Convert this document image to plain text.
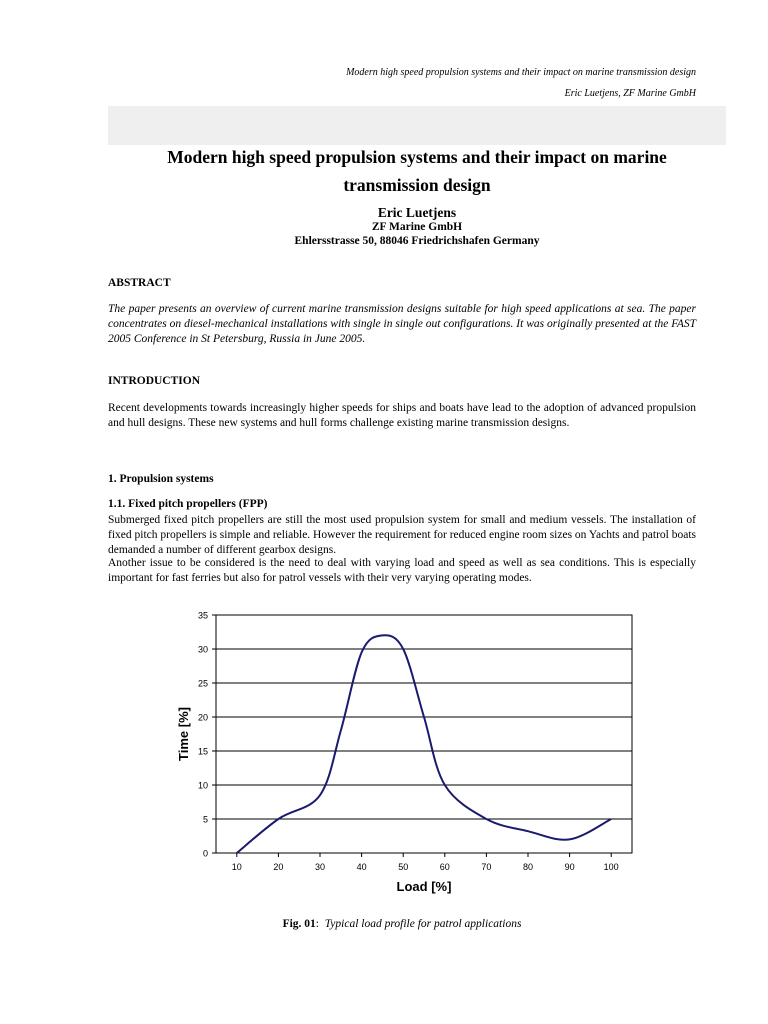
Modern high speed propulsion systems and their impact on marine transmission design
Eric Luetjens, ZF Marine GmbH
Modern high speed propulsion systems and their impact on marine
transmission design
Eric Luetjens
ZF Marine GmbH
Ehlersstrasse 50, 88046 Friedrichshafen Germany
ABSTRACT
The paper presents an overview of current marine transmission designs suitable for high speed applications at sea. The paper concentrates on diesel-mechanical installations with single in single out configurations. It was originally presented at the FAST 2005 Conference in St Petersburg, Russia in June 2005.
INTRODUCTION
Recent developments towards increasingly higher speeds for ships and boats have lead to the adoption of advanced propulsion and hull designs. These new systems and hull forms challenge existing marine transmission designs.
1. Propulsion systems
1.1. Fixed pitch propellers (FPP)
Submerged fixed pitch propellers are still the most used propulsion system for small and medium vessels. The installation of fixed pitch propellers is simple and reliable. However the requirement for reduced engine room sizes on Yachts and patrol boats demanded a number of different gearbox designs.
Another issue to be considered is the need to deal with varying load and speed as well as sea conditions. This is especially important for fast ferries but also for patrol vessels with their very varying operating modes.
0
5
10
15
20
25
30
35
10	20	30	40	50	60	70	80	90	100
Load [%]
Time [%]
Fig. 01: Typical load profile for patrol applications
